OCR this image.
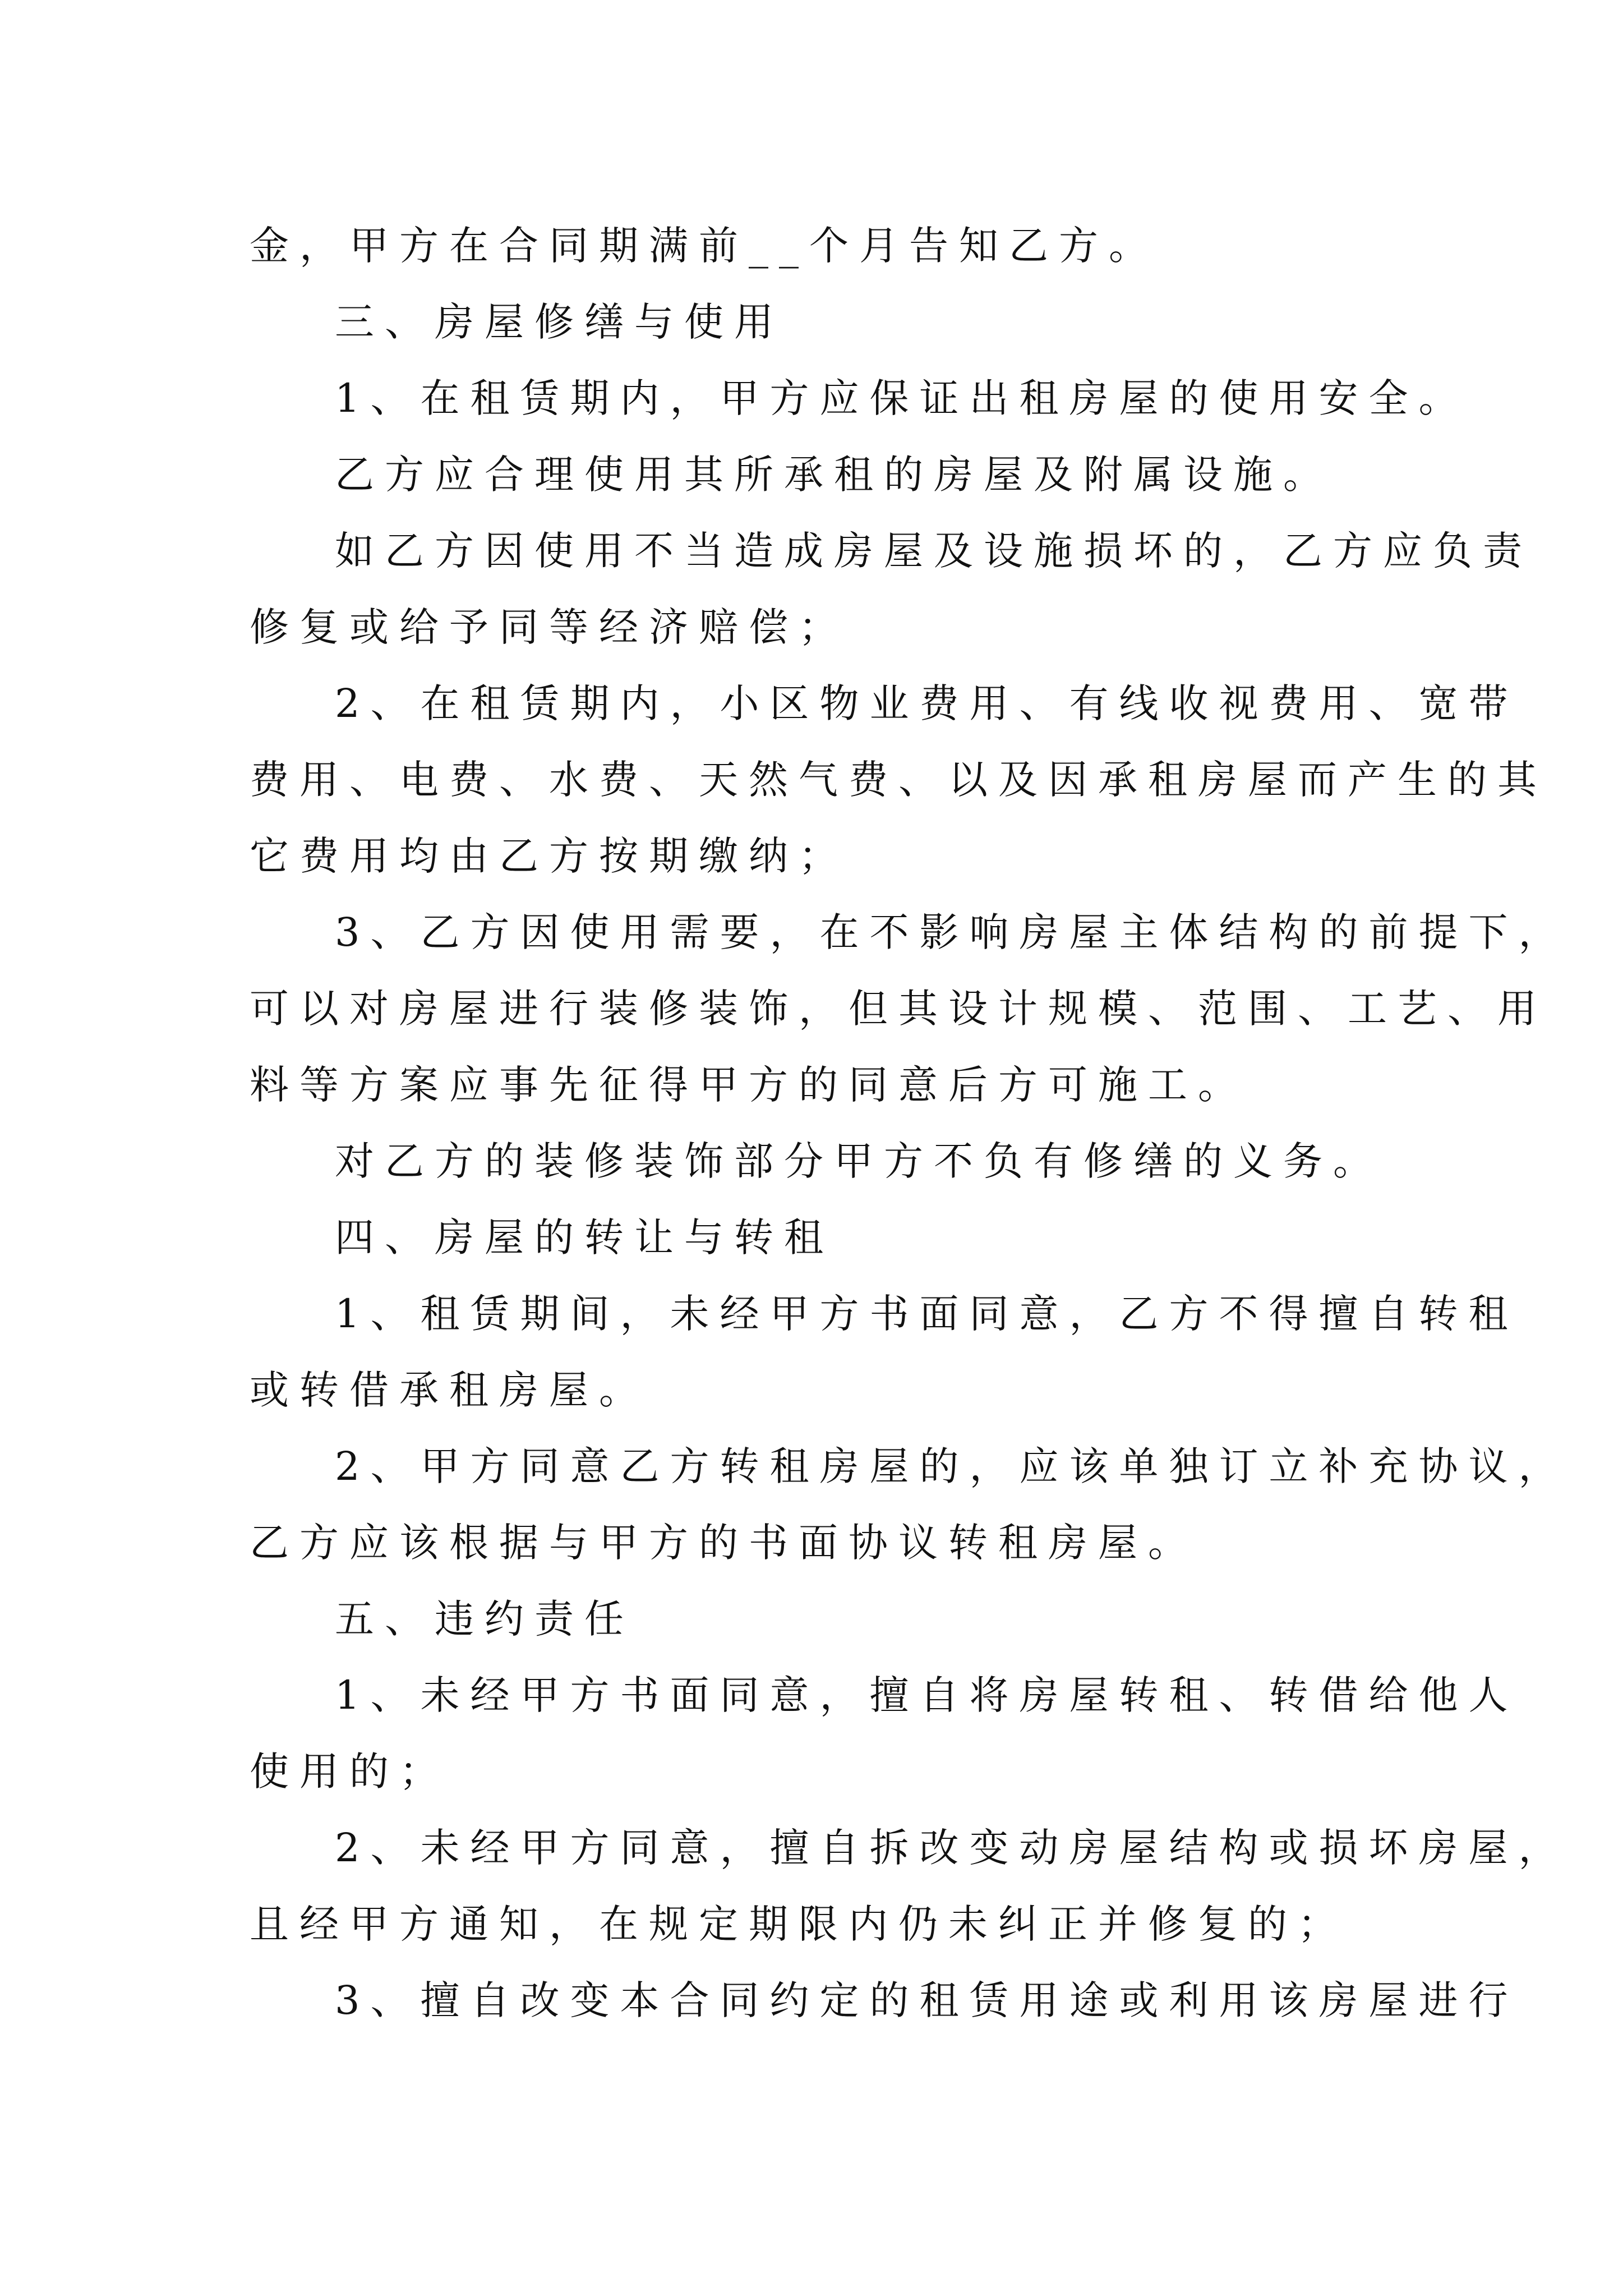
金，甲方在合同期满前__个月告知乙方。
三、房屋修缮与使用
1、在租赁期内，甲方应保证出租房屋的使用安全。
乙方应合理使用其所承租的房屋及附属设施。
如乙方因使用不当造成房屋及设施损坏的，乙方应负责
修复或给予同等经济赔偿；
2、在租赁期内，小区物业费用、有线收视费用、宽带
费用、电费、水费、天然气费、以及因承租房屋而产生的其
它费用均由乙方按期缴纳；
3、乙方因使用需要，在不影响房屋主体结构的前提下，
可以对房屋进行装修装饰，但其设计规模、范围、工艺、用
料等方案应事先征得甲方的同意后方可施工。
对乙方的装修装饰部分甲方不负有修缮的义务。
四、房屋的转让与转租
1、租赁期间，未经甲方书面同意，乙方不得擅自转租
或转借承租房屋。
2、甲方同意乙方转租房屋的，应该单独订立补充协议，
乙方应该根据与甲方的书面协议转租房屋。
五、违约责任
1、未经甲方书面同意，擅自将房屋转租、转借给他人
使用的；
2、未经甲方同意，擅自拆改变动房屋结构或损坏房屋，
且经甲方通知，在规定期限内仍未纠正并修复的；
3、擅自改变本合同约定的租赁用途或利用该房屋进行
